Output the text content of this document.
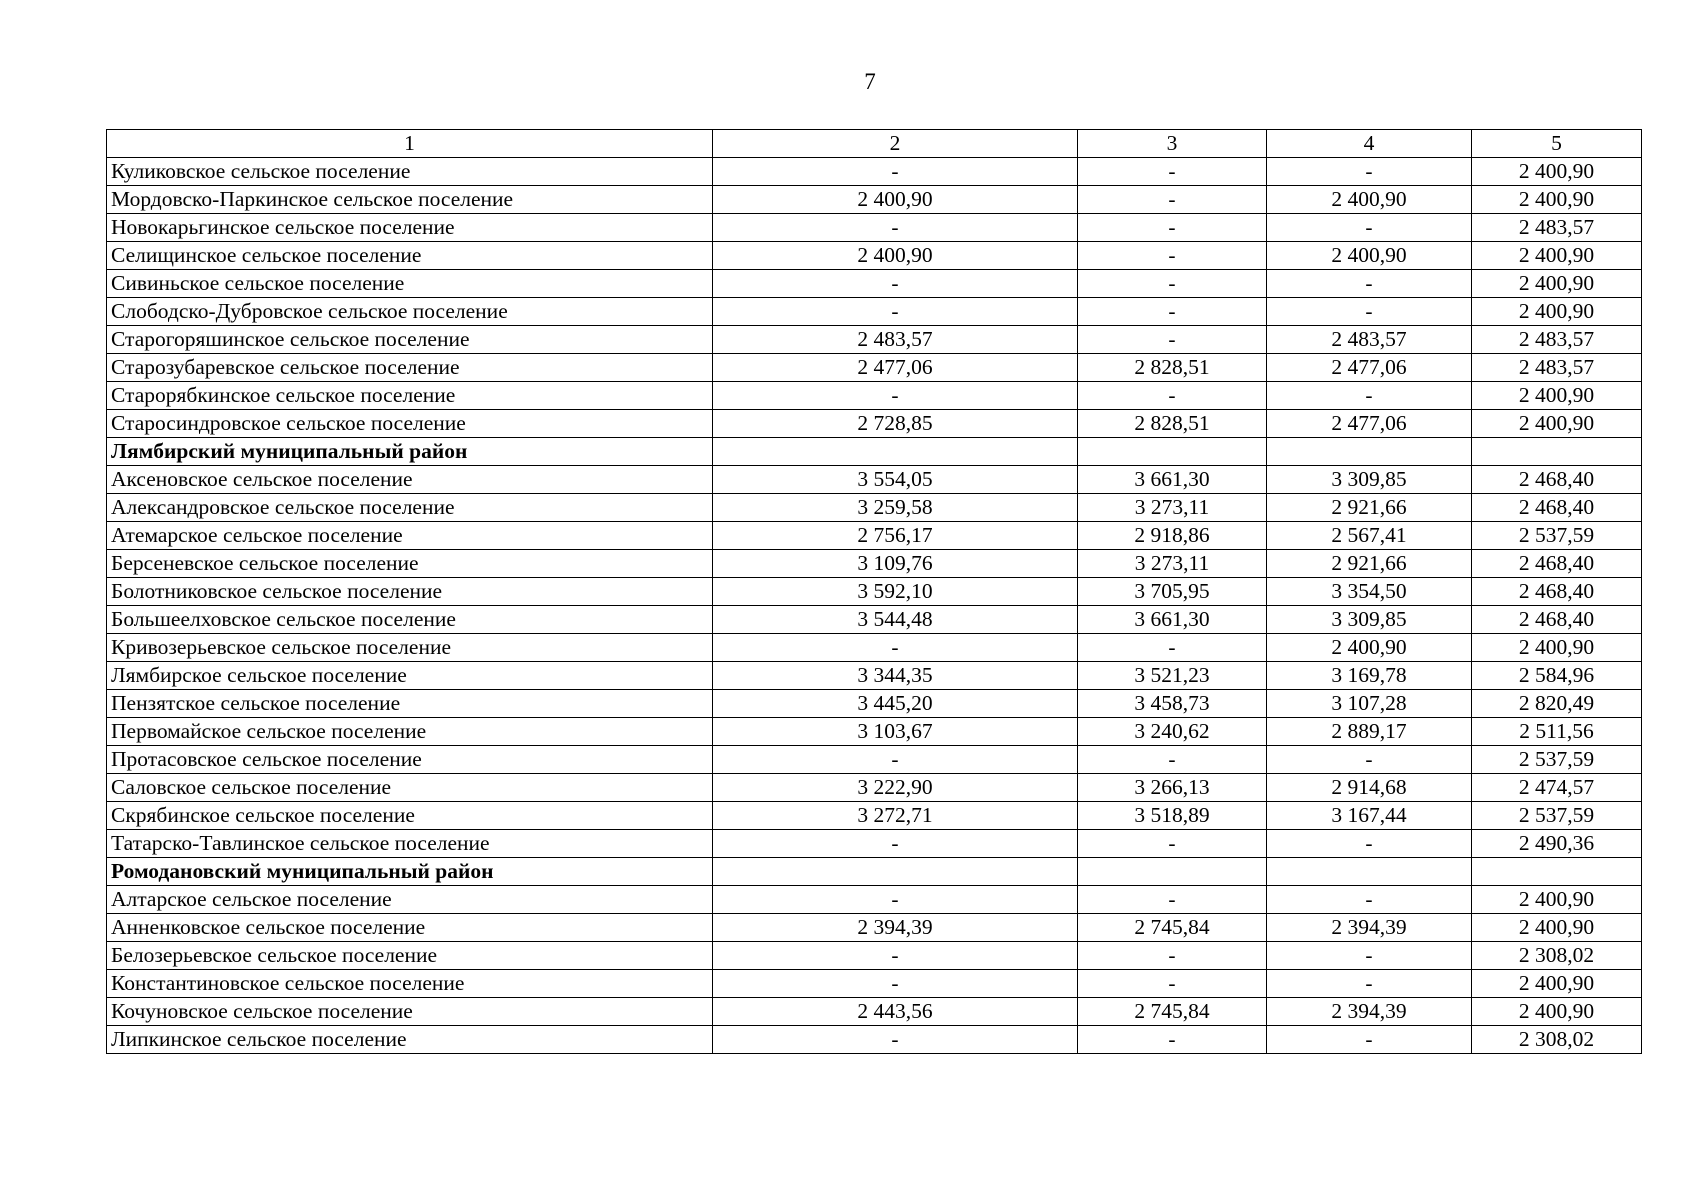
7
1	2	3	4	5
Куликовское сельское поселение	-	-	-	2 400,90
Мордовско-Паркинское сельское поселение	2 400,90	-	2 400,90	2 400,90
Новокарьгинское сельское поселение	-	-	-	2 483,57
Селищинское сельское поселение	2 400,90	-	2 400,90	2 400,90
Сивиньское сельское поселение	-	-	-	2 400,90
Слободско-Дубровское сельское поселение	-	-	-	2 400,90
Старогоряшинское сельское поселение	2 483,57	-	2 483,57	2 483,57
Старозубаревское сельское поселение	2 477,06	2 828,51	2 477,06	2 483,57
Старорябкинское сельское поселение	-	-	-	2 400,90
Старосиндровское сельское поселение	2 728,85	2 828,51	2 477,06	2 400,90
Лямбирский муниципальный район				
Аксеновское сельское поселение	3 554,05	3 661,30	3 309,85	2 468,40
Александровское сельское поселение	3 259,58	3 273,11	2 921,66	2 468,40
Атемарское сельское поселение	2 756,17	2 918,86	2 567,41	2 537,59
Берсеневское сельское поселение	3 109,76	3 273,11	2 921,66	2 468,40
Болотниковское сельское поселение	3 592,10	3 705,95	3 354,50	2 468,40
Большеелховское сельское поселение	3 544,48	3 661,30	3 309,85	2 468,40
Кривозерьевское сельское поселение	-	-	2 400,90	2 400,90
Лямбирское сельское поселение	3 344,35	3 521,23	3 169,78	2 584,96
Пензятское сельское поселение	3 445,20	3 458,73	3 107,28	2 820,49
Первомайское сельское поселение	3 103,67	3 240,62	2 889,17	2 511,56
Протасовское сельское поселение	-	-	-	2 537,59
Саловское сельское поселение	3 222,90	3 266,13	2 914,68	2 474,57
Скрябинское сельское поселение	3 272,71	3 518,89	3 167,44	2 537,59
Татарско-Тавлинское сельское поселение	-	-	-	2 490,36
Ромодановский муниципальный район				
Алтарское сельское поселение	-	-	-	2 400,90
Анненковское сельское поселение	2 394,39	2 745,84	2 394,39	2 400,90
Белозерьевское сельское поселение	-	-	-	2 308,02
Константиновское сельское поселение	-	-	-	2 400,90
Кочуновское сельское поселение	2 443,56	2 745,84	2 394,39	2 400,90
Липкинское сельское поселение	-	-	-	2 308,02
